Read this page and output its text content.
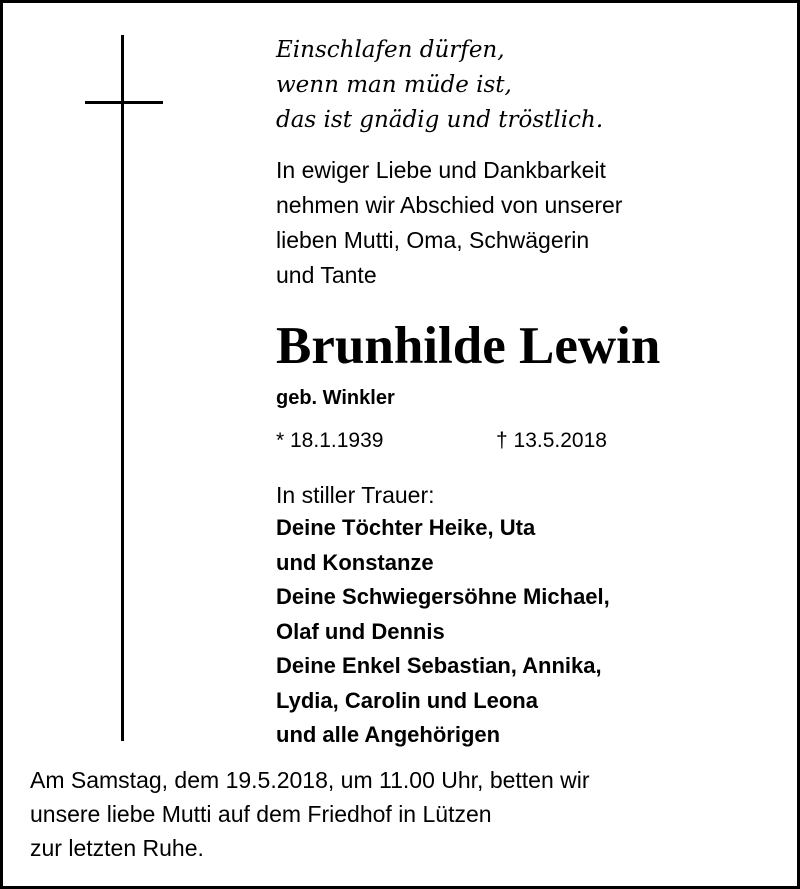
Einschlafen dürfen,
wenn man müde ist,
das ist gnädig und tröstlich.
In ewiger Liebe und Dankbarkeit
nehmen wir Abschied von unserer
lieben Mutti, Oma, Schwägerin
und Tante
Brunhilde Lewin
geb. Winkler
* 18.1.1939	† 13.5.2018
In stiller Trauer:
Deine Töchter Heike, Uta
und Konstanze
Deine Schwiegersöhne Michael,
Olaf und Dennis
Deine Enkel Sebastian, Annika,
Lydia, Carolin und Leona
und alle Angehörigen
Am Samstag, dem 19.5.2018, um 11.00 Uhr, betten wir
unsere liebe Mutti auf dem Friedhof in Lützen
zur letzten Ruhe.
